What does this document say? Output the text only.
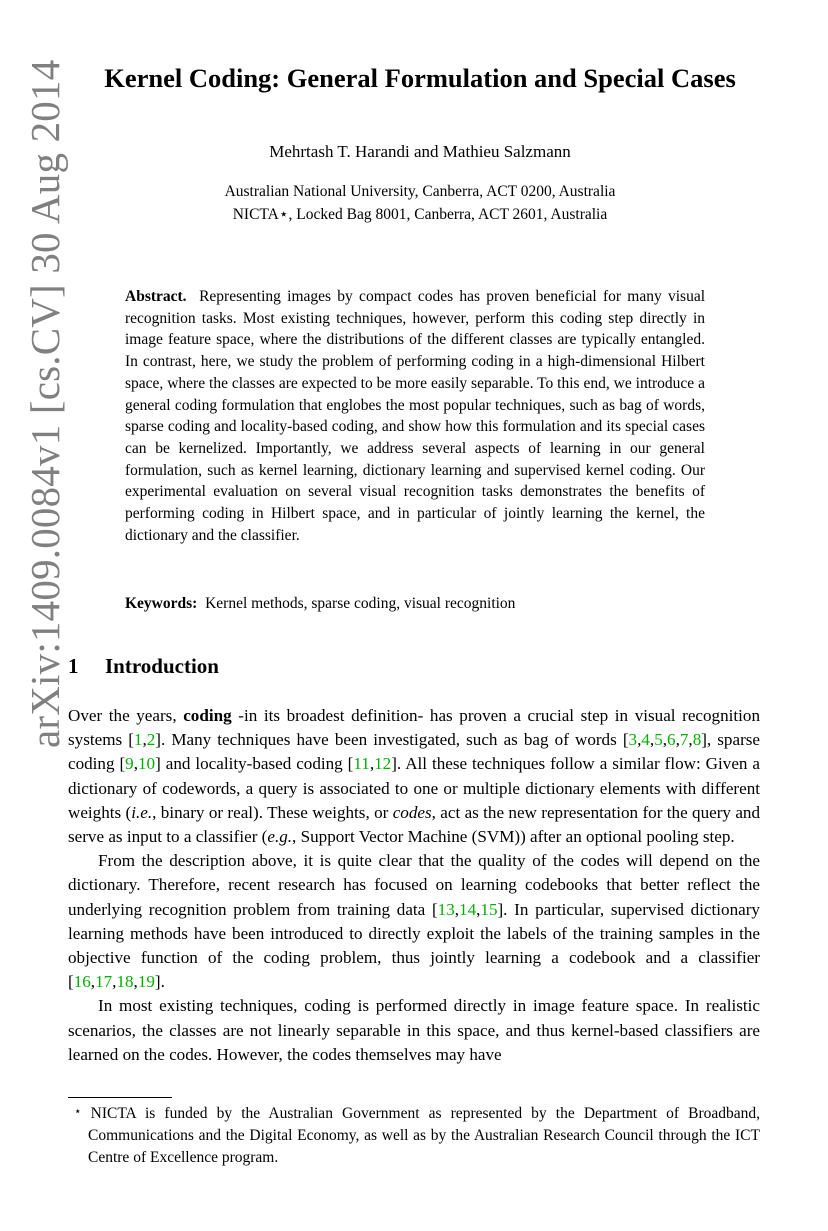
arXiv:1409.0084v1 [cs.CV] 30 Aug 2014	Kernel Coding: General Formulation and Special Cases
Mehrtash T. Harandi and Mathieu Salzmann
Australian National University, Canberra, ACT 0200, Australia
NICTA⋆, Locked Bag 8001, Canberra, ACT 2601, Australia
Abstract. Representing images by compact codes has proven beneficial for many visual recognition tasks. Most existing techniques, however, perform this coding step directly in image feature space, where the distributions of the different classes are typically entangled. In contrast, here, we study the problem of performing coding in a high-dimensional Hilbert space, where the classes are expected to be more easily separable. To this end, we introduce a general coding formulation that englobes the most popular techniques, such as bag of words, sparse coding and locality-based coding, and show how this formulation and its special cases can be kernelized. Importantly, we address several aspects of learning in our general formulation, such as kernel learning, dictionary learning and supervised kernel coding. Our experimental evaluation on several visual recognition tasks demonstrates the benefits of performing coding in Hilbert space, and in particular of jointly learning the kernel, the dictionary and the classifier.
Keywords: Kernel methods, sparse coding, visual recognition
1 Introduction

Over the years, coding -in its broadest definition- has proven a crucial step in visual recognition systems [1,2]. Many techniques have been investigated, such as bag of words [3,4,5,6,7,8], sparse coding [9,10] and locality-based coding [11,12]. All these techniques follow a similar flow: Given a dictionary of codewords, a query is associated to one or multiple dictionary elements with different weights (i.e., binary or real). These weights, or codes, act as the new representation for the query and serve as input to a classifier (e.g., Support Vector Machine (SVM)) after an optional pooling step.

From the description above, it is quite clear that the quality of the codes will depend on the dictionary. Therefore, recent research has focused on learning codebooks that better reflect the underlying recognition problem from training data [13,14,15]. In particular, supervised dictionary learning methods have been introduced to directly exploit the labels of the training samples in the objective function of the coding problem, thus jointly learning a codebook and a classifier [16,17,18,19].

In most existing techniques, coding is performed directly in image feature space. In realistic scenarios, the classes are not linearly separable in this space, and thus kernel-based classifiers are learned on the codes. However, the codes themselves may have

⋆ NICTA is funded by the Australian Government as represented by the Department of Broadband, Communications and the Digital Economy, as well as by the Australian Research Council through the ICT Centre of Excellence program.
